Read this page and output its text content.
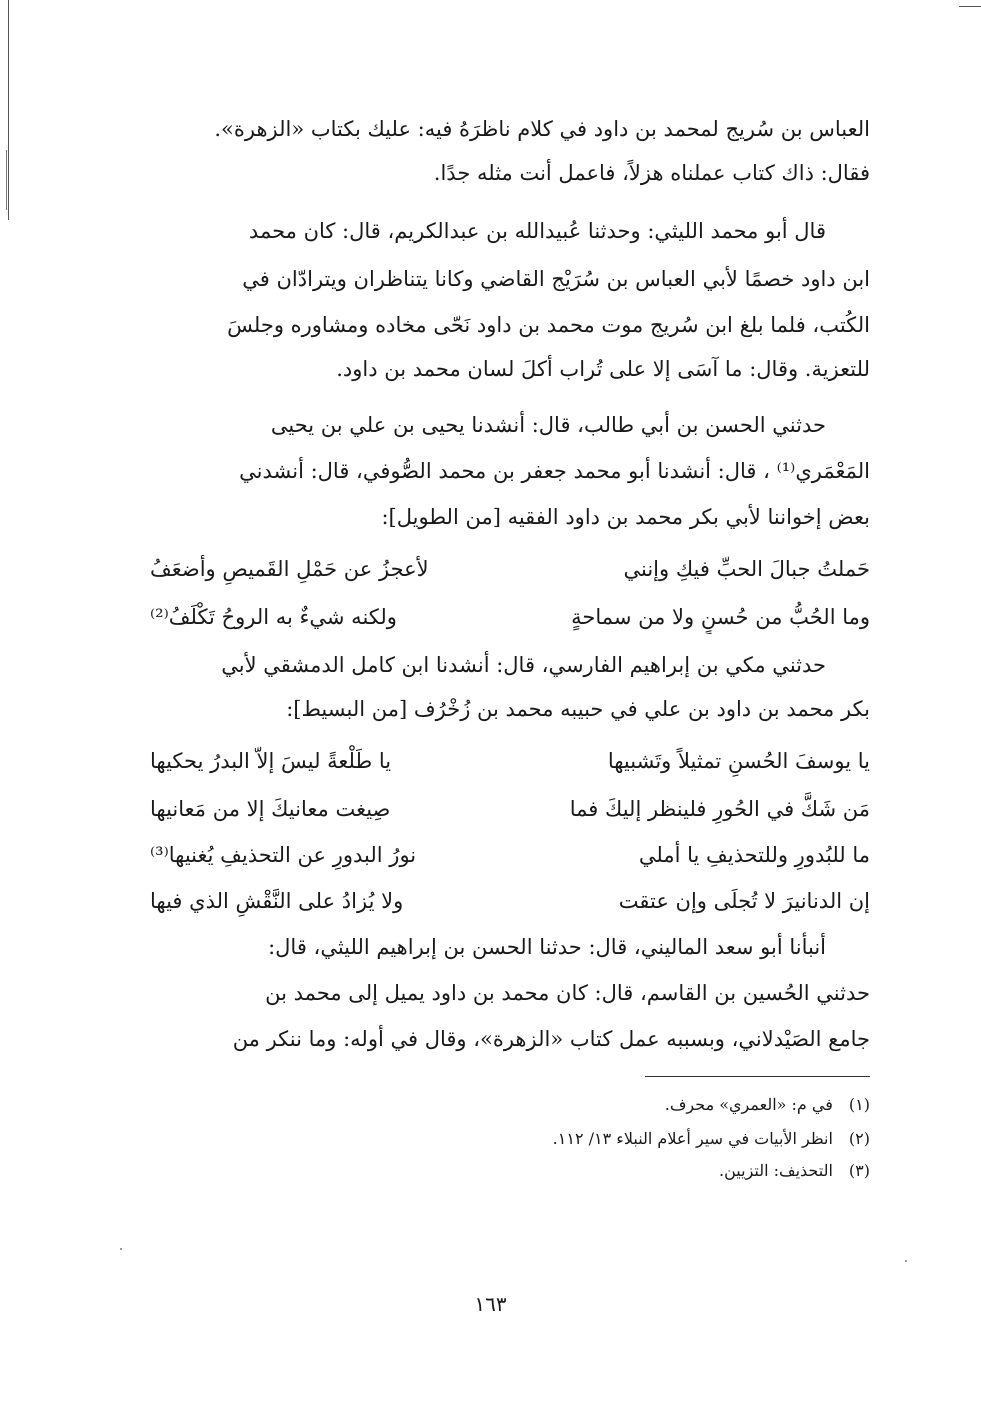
العباس بن سُريج لمحمد بن داود في كلام ناظرَهُ فيه: عليك بكتاب «الزهرة».
فقال: ذاك كتاب عملناه هزلاً، فاعمل أنت مثله جدًا.
قال أبو محمد الليثي: وحدثنا عُبيدالله بن عبدالكريم، قال: كان محمد
ابن داود خصمًا لأبي العباس بن سُرَيْج القاضي وكانا يتناظران ويترادّان في
الكُتب، فلما بلغ ابن سُريج موت محمد بن داود نَحّى مخاده ومشاوره وجلسَ
للتعزية. وقال: ما آسَى إلا على تُراب أكلَ لسان محمد بن داود.
حدثني الحسن بن أبي طالب، قال: أنشدنا يحيى بن علي بن يحيى
المَعْمَري⁽¹⁾ ، قال: أنشدنا أبو محمد جعفر بن محمد الصُّوفي، قال: أنشدني
بعض إخواننا لأبي بكر محمد بن داود الفقيه [من الطويل]:
حَملتُ جبالَ الحبِّ فيكِ وإنني
لأعجزُ عن حَمْلِ القَميصِ وأضعَفُ
وما الحُبُّ من حُسنٍ ولا من سماحةٍ
ولكنه شيءٌ به الروحُ تَكْلَفُ⁽²⁾
حدثني مكي بن إبراهيم الفارسي، قال: أنشدنا ابن كامل الدمشقي لأبي
بكر محمد بن داود بن علي في حبيبه محمد بن زُخْرُف [من البسيط]:
يا يوسفَ الحُسنِ تمثيلاً وتَشبيها
يا طَلْعةً ليسَ إلاّ البدرُ يحكيها
مَن شَكَّ في الحُورِ فلينظر إليكَ فما
صِيغت معانيكَ إلا من مَعانيها
ما للبُدورِ وللتحذيفِ يا أملي
نورُ البدورِ عن التحذيفِ يُغنيها⁽³⁾
إن الدنانيرَ لا تُجلَى وإن عتقت
ولا يُزادُ على النَّقْشِ الذي فيها
أنبأنا أبو سعد الماليني، قال: حدثنا الحسن بن إبراهيم الليثي، قال:
حدثني الحُسين بن القاسم، قال: كان محمد بن داود يميل إلى محمد بن
جامع الصَيْدلاني، وبسببه عمل كتاب «الزهرة»، وقال في أوله: وما ننكر من
(١)في م: «العمري» محرف.
(٢)انظر الأبيات في سير أعلام النبلاء ١٣/ ١١٢.
(٣)التحذيف: التزيين.
١٦٣
